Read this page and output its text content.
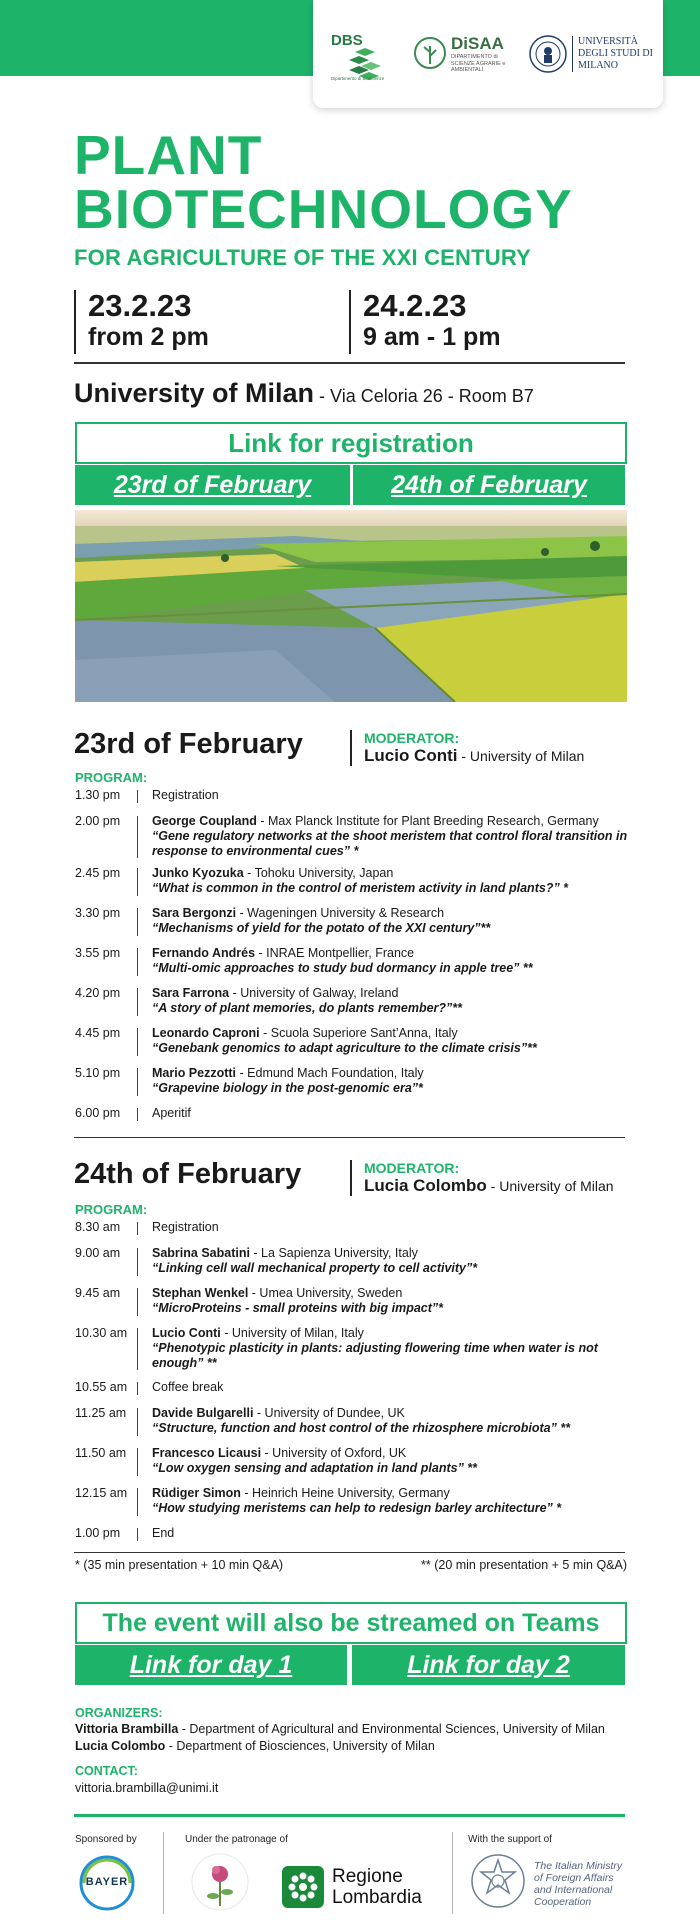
DBS
Dipartimento di Bioscienze
DiSAA
DIPARTIMENTO di SCIENZE AGRARIE e AMBIENTALI
UNIVERSITÀ DEGLI STUDI DI MILANO
PLANT
BIOTECHNOLOGY
FOR AGRICULTURE OF THE XXI CENTURY
23.2.23
from 2 pm
24.2.23
9 am - 1 pm
University of Milan - Via Celoria 26 - Room B7
Link for registration
23rd of February	24th of February
23rd of February	MODERATOR:
Lucio Conti - University of Milan
PROGRAM:
1.30 pm	Registration
2.00 pm	George Coupland - Max Planck Institute for Plant Breeding Research, Germany
“Gene regulatory networks at the shoot meristem that control floral transition in response to environmental cues” *
2.45 pm	Junko Kyozuka - Tohoku University, Japan
“What is common in the control of meristem activity in land plants?” *
3.30 pm	Sara Bergonzi - Wageningen University & Research
“Mechanisms of yield for the potato of the XXI century”**
3.55 pm	Fernando Andrés - INRAE Montpellier, France
“Multi-omic approaches to study bud dormancy in apple tree” **
4.20 pm	Sara Farrona - University of Galway, Ireland
“A story of plant memories, do plants remember?”**
4.45 pm	Leonardo Caproni - Scuola Superiore Sant’Anna, Italy
“Genebank genomics to adapt agriculture to the climate crisis”**
5.10 pm	Mario Pezzotti - Edmund Mach Foundation, Italy
“Grapevine biology in the post-genomic era”*
6.00 pm	Aperitif
24th of February	MODERATOR:
Lucia Colombo - University of Milan
PROGRAM:
8.30 am	Registration
9.00 am	Sabrina Sabatini - La Sapienza University, Italy
“Linking cell wall mechanical property to cell activity”*
9.45 am	Stephan Wenkel - Umea University, Sweden
“MicroProteins - small proteins with big impact”*
10.30 am	Lucio Conti - University of Milan, Italy
“Phenotypic plasticity in plants: adjusting flowering time when water is not enough” **
10.55 am	Coffee break
11.25 am	Davide Bulgarelli - University of Dundee, UK
“Structure, function and host control of the rhizosphere microbiota” **
11.50 am	Francesco Licausi - University of Oxford, UK
“Low oxygen sensing and adaptation in land plants” **
12.15 am	Rüdiger Simon - Heinrich Heine University, Germany
“How studying meristems can help to redesign barley architecture” *
1.00 pm	End
* (35 min presentation + 10 min Q&A)	** (20 min presentation + 5 min Q&A)
The event will also be streamed on Teams
Link for day 1	Link for day 2
ORGANIZERS:
Vittoria Brambilla - Department of Agricultural and Environmental Sciences, University of Milan
Lucia Colombo - Department of Biosciences, University of Milan
CONTACT:
vittoria.brambilla@unimi.it
Sponsored by	Under the patronage of	With the support of
BAYER	Regione
Lombardia
The Italian Ministry
of Foreign Affairs
and International
Cooperation
